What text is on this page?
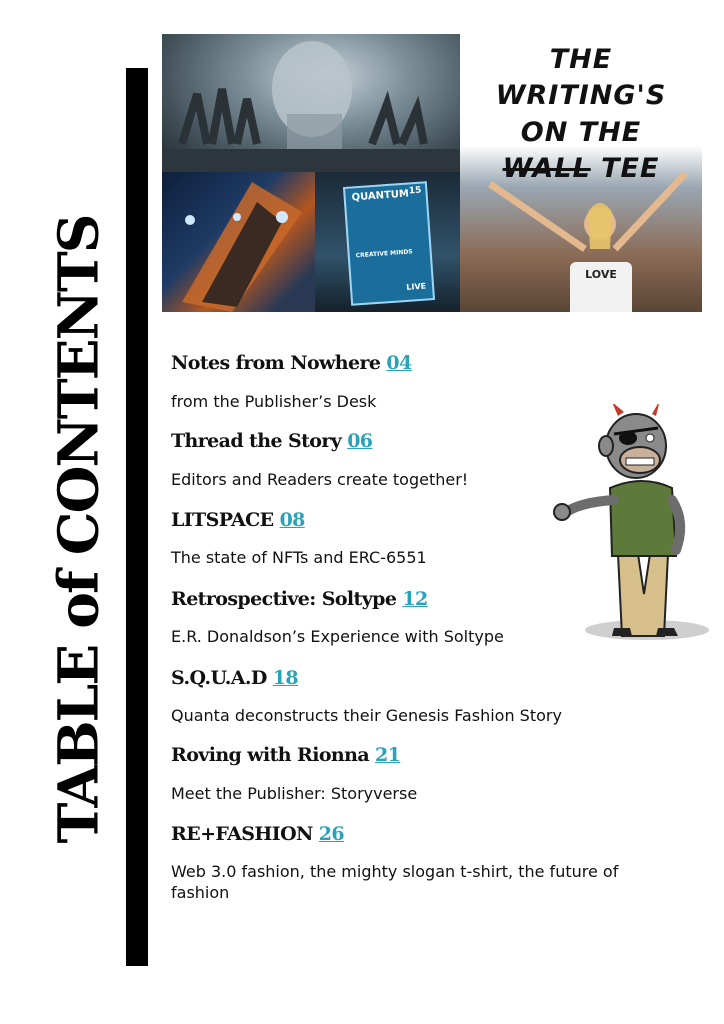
TABLE of CONTENTS
QUANTUM 15
CREATIVE MINDS
LIVE
THE WRITING'S
ON THE
WALL TEE
LOVE
Notes from Nowhere 04
from the Publisher’s Desk
Thread the Story 06
Editors and Readers create together!
LITSPACE 08
The state of NFTs and ERC-6551
Retrospective: Soltype 12
E.R. Donaldson’s Experience with Soltype
S.Q.U.A.D 18
Quanta deconstructs their Genesis Fashion Story
Roving with Rionna 21
Meet the Publisher: Storyverse
RE+FASHION 26
Web 3.0 fashion, the mighty slogan t-shirt, the future of fashion
